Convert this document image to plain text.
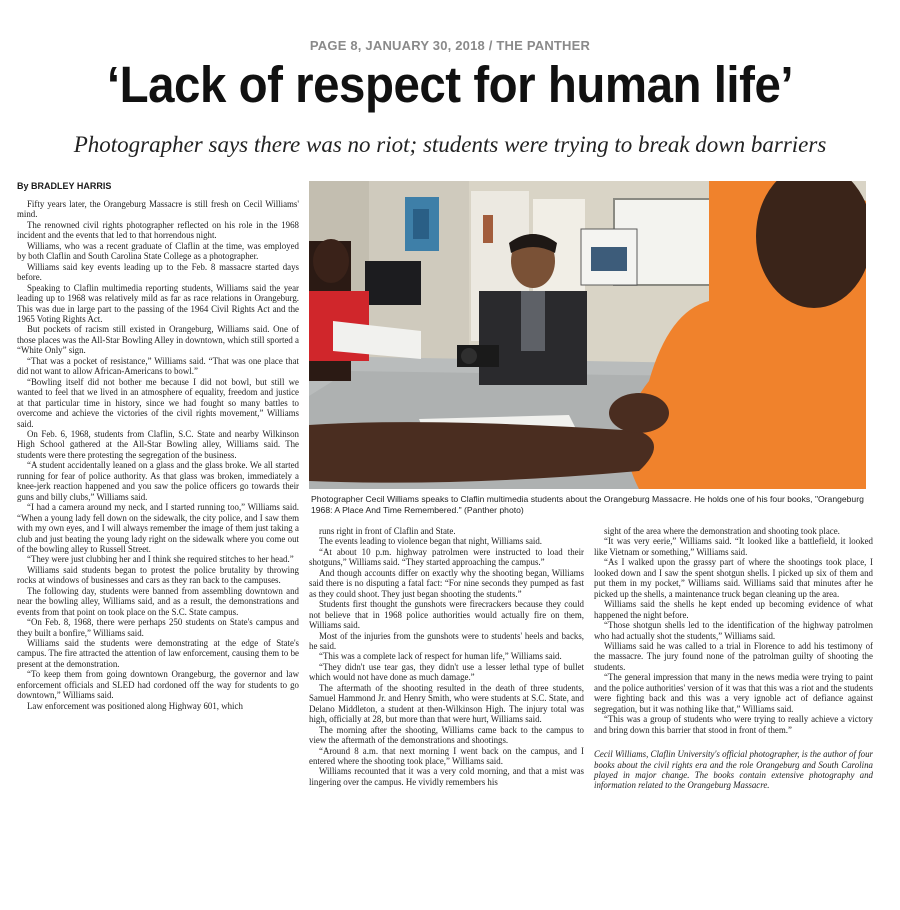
PAGE 8, JANUARY 30, 2018 / THE PANTHER
‘Lack of respect for human life’
Photographer says there was no riot; students were trying to break down barriers
By BRADLEY HARRIS

Fifty years later, the Orangeburg Massacre is still fresh on Cecil Williams' mind.

The renowned civil rights photographer reflected on his role in the 1968 incident and the events that led to that horrendous night.

Williams, who was a recent graduate of Claflin at the time, was employed by both Claflin and South Carolina State College as a photographer.

Williams said key events leading up to the Feb. 8 massacre started days before.

Speaking to Claflin multimedia reporting students, Williams said the year leading up to 1968 was relatively mild as far as race relations in Orangeburg. This was due in large part to the passing of the 1964 Civil Rights Act and the 1965 Voting Rights Act.

But pockets of racism still existed in Orangeburg, Williams said. One of those places was the All-Star Bowling Alley in downtown, which still sported a “White Only” sign.

“That was a pocket of resistance,” Williams said. “That was one place that did not want to allow African-Americans to bowl.”

“Bowling itself did not bother me because I did not bowl, but still we wanted to feel that we lived in an atmosphere of equality, freedom and justice at that particular time in history, since we had fought so many battles to overcome and achieve the victories of the civil rights movement,” Williams said.

On Feb. 6, 1968, students from Claflin, S.C. State and nearby Wilkinson High School gathered at the All-Star Bowling alley, Williams said. The students were there protesting the segregation of the business.

“A student accidentally leaned on a glass and the glass broke. We all started running for fear of police authority. As that glass was broken, immediately a knee-jerk reaction happened and you saw the police officers go towards their guns and billy clubs,” Williams said.

“I had a camera around my neck, and I started running too,” Williams said. “When a young lady fell down on the sidewalk, the city police, and I saw them with my own eyes, and I will always remember the image of them just taking a club and just beating the young lady right on the sidewalk where you come out of the bowling alley to Russell Street.

“They were just clubbing her and I think she required stitches to her head.”

Williams said students began to protest the police brutality by throwing rocks at windows of businesses and cars as they ran back to the campuses.

The following day, students were banned from assembling downtown and near the bowling alley, Williams said, and as a result, the demonstrations and events from that point on took place on the S.C. State campus.

“On Feb. 8, 1968, there were perhaps 250 students on State's campus and they built a bonfire,” Williams said.

Williams said the students were demonstrating at the edge of State's campus. The fire attracted the attention of law enforcement, causing them to be present at the demonstration.

“To keep them from going downtown Orangeburg, the governor and law enforcement officials and SLED had cordoned off the way for students to go downtown,” Williams said.

Law enforcement was positioned along Highway 601, which

Photographer Cecil Williams speaks to Claflin multimedia students about the Orangeburg Massacre. He holds one of his four books, "Orangeburg 1968: A Place And Time Remembered." (Panther photo)

runs right in front of Claflin and State.

The events leading to violence began that night, Williams said.

“At about 10 p.m. highway patrolmen were instructed to load their shotguns,” Williams said. “They started approaching the campus.”

And though accounts differ on exactly why the shooting began, Williams said there is no disputing a fatal fact: “For nine seconds they pumped as fast as they could shoot. They just began shooting the students.”

Students first thought the gunshots were firecrackers because they could not believe that in 1968 police authorities would actually fire on them, Williams said.

Most of the injuries from the gunshots were to students' heels and backs, he said.

“This was a complete lack of respect for human life,” Williams said.

“They didn't use tear gas, they didn't use a lesser lethal type of bullet which would not have done as much damage.”

The aftermath of the shooting resulted in the death of three students, Samuel Hammond Jr. and Henry Smith, who were students at S.C. State, and Delano Middleton, a student at then-Wilkinson High. The injury total was high, officially at 28, but more than that were hurt, Williams said.

The morning after the shooting, Williams came back to the campus to view the aftermath of the demonstrations and shootings.

“Around 8 a.m. that next morning I went back on the campus, and I entered where the shooting took place,” Williams said.

Williams recounted that it was a very cold morning, and that a mist was lingering over the campus. He vividly remembers his

sight of the area where the demonstration and shooting took place.

“It was very eerie,” Williams said. “It looked like a battlefield, it looked like Vietnam or something,” Williams said.

“As I walked upon the grassy part of where the shootings took place, I looked down and I saw the spent shotgun shells. I picked up six of them and put them in my pocket,” Williams said. Williams said that minutes after he picked up the shells, a maintenance truck began cleaning up the area.

Williams said the shells he kept ended up becoming evidence of what happened the night before.

“Those shotgun shells led to the identification of the highway patrolmen who had actually shot the students,” Williams said.

Williams said he was called to a trial in Florence to add his testimony of the massacre. The jury found none of the patrolman guilty of shooting the students.

“The general impression that many in the news media were trying to paint and the police authorities' version of it was that this was a riot and the students were fighting back and this was a very ignoble act of defiance against segregation, but it was nothing like that,” Williams said.

“This was a group of students who were trying to really achieve a victory and bring down this barrier that stood in front of them.”

Cecil Williams, Claflin University's official photographer, is the author of four books about the civil rights era and the role Orangeburg and South Carolina played in major change. The books contain extensive photography and information related to the Orangeburg Massacre.
